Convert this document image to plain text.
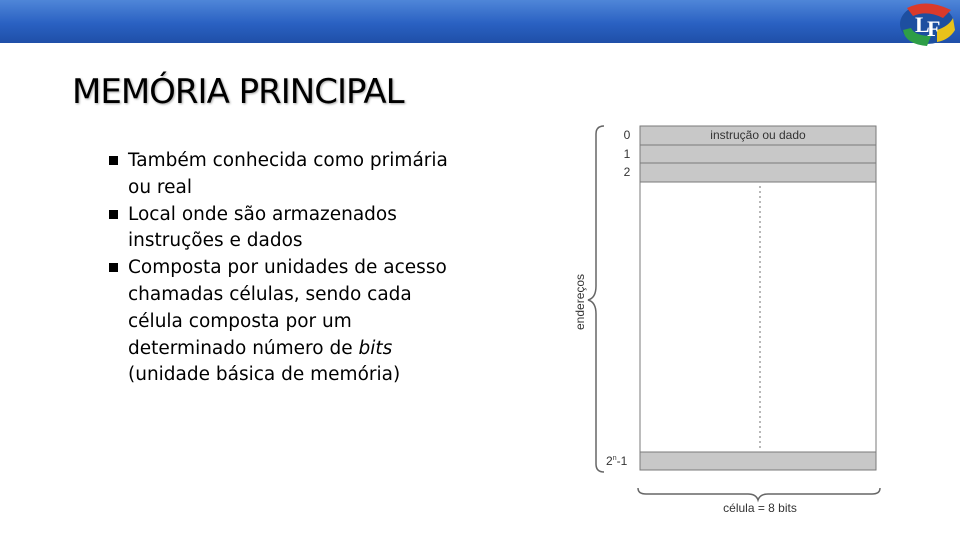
L
F
MEMÓRIA PRINCIPAL
Também conhecida como primária ou real
Local onde são armazenados instruções e dados
Composta por unidades de acesso chamadas células, sendo cada célula composta por um determinado número de bits (unidade básica de memória)
endereços
instrução ou dado
0
1
2
2$^n$-1
célula = 8 bits
